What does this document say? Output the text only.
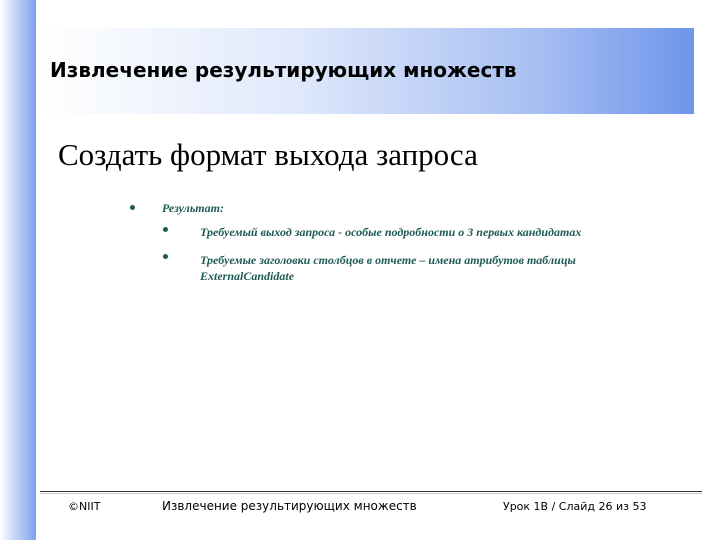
Извлечение результирующих множеств
Создать формат выхода запроса
Результат:
Требуемый выход запроса - особые подробности о 3 первых кандидатах
Требуемые заголовки столбцов в отчете – имена атрибутов таблицы ExternalCandidate
©NIIT	Извлечение результирующих множеств	Урок 1B / Слайд 26 из 53
